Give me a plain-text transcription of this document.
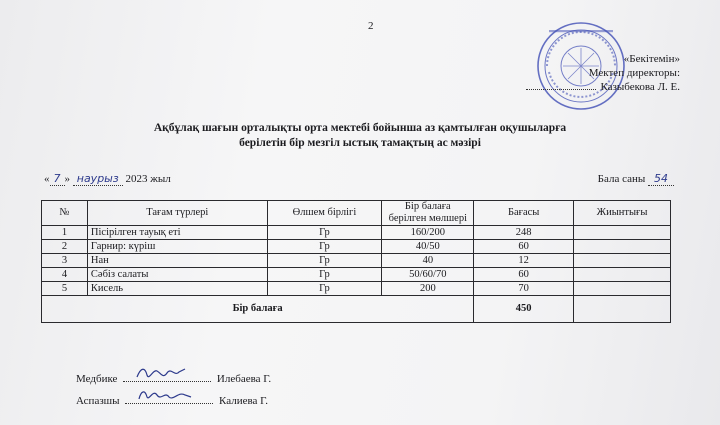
2
«Бекітемін»
Мектеп директоры:
Казыбекова Л. Е.
Ақбұлақ шағын орталықты орта мектебі бойынша аз қамтылған оқушыларға
берілетін бір мезгіл ыстық тамақтың ас мәзірі
« 7 » наурыз 2023 жыл	Бала саны 54
№	Тағам түрлері	Өлшем бірлігі	Бір балаға берілген мөлшері	Бағасы	Жиынтығы
1	Пісірілген тауық еті	Гр	160/200	248	
2	Гарнир: күріш	Гр	40/50	60	
3	Нан	Гр	40	12	
4	Сәбіз салаты	Гр	50/60/70	60	
5	Кисель	Гр	200	70	
Бір балаға				450	
Медбике	Илебаева Г.
Аспазшы	Калиева Г.
